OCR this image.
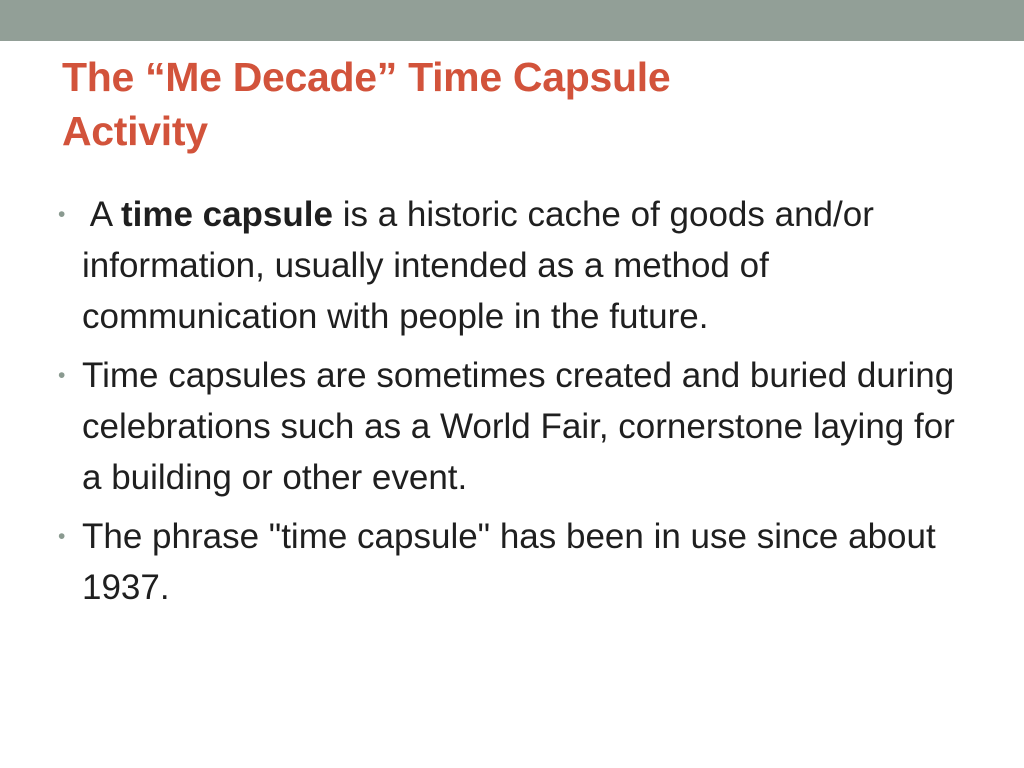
The “Me Decade” Time Capsule
Activity
• A time capsule is a historic cache of goods and/or information, usually intended as a method of communication with people in the future.
• Time capsules are sometimes created and buried during celebrations such as a World Fair, cornerstone laying for a building or other event.
• The phrase "time capsule" has been in use since about 1937.
